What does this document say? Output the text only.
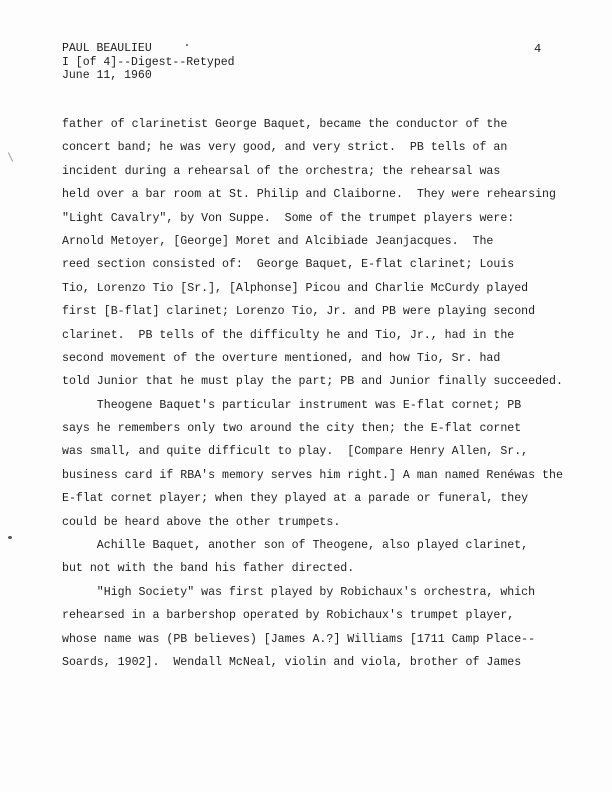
PAUL BEAULIEU
I [of 4]--Digest--Retyped
June 11, 1960
4
father of clarinetist George Baquet, became the conductor of the
concert band; he was very good, and very strict.  PB tells of an
incident during a rehearsal of the orchestra; the rehearsal was
held over a bar room at St. Philip and Claiborne.  They were rehearsing
"Light Cavalry", by Von Suppe.  Some of the trumpet players were:
Arnold Metoyer, [George] Moret and Alcibiade Jeanjacques.  The
reed section consisted of:  George Baquet, E-flat clarinet; Louis
Tio, Lorenzo Tio [Sr.], [Alphonse] Picou and Charlie McCurdy played
first [B-flat] clarinet; Lorenzo Tio, Jr. and PB were playing second
clarinet.  PB tells of the difficulty he and Tio, Jr., had in the
second movement of the overture mentioned, and how Tio, Sr. had
told Junior that he must play the part; PB and Junior finally succeeded.
Theogene Baquet's particular instrument was E-flat cornet; PB
says he remembers only two around the city then; the E-flat cornet
was small, and quite difficult to play.  [Compare Henry Allen, Sr.,
business card if RBA's memory serves him right.] A man named Renéwas the
E-flat cornet player; when they played at a parade or funeral, they
could be heard above the other trumpets.
Achille Baquet, another son of Theogene, also played clarinet,
but not with the band his father directed.
"High Society" was first played by Robichaux's orchestra, which
rehearsed in a barbershop operated by Robichaux's trumpet player,
whose name was (PB believes) [James A.?] Williams [1711 Camp Place--
Soards, 1902].  Wendall McNeal, violin and viola, brother of James
